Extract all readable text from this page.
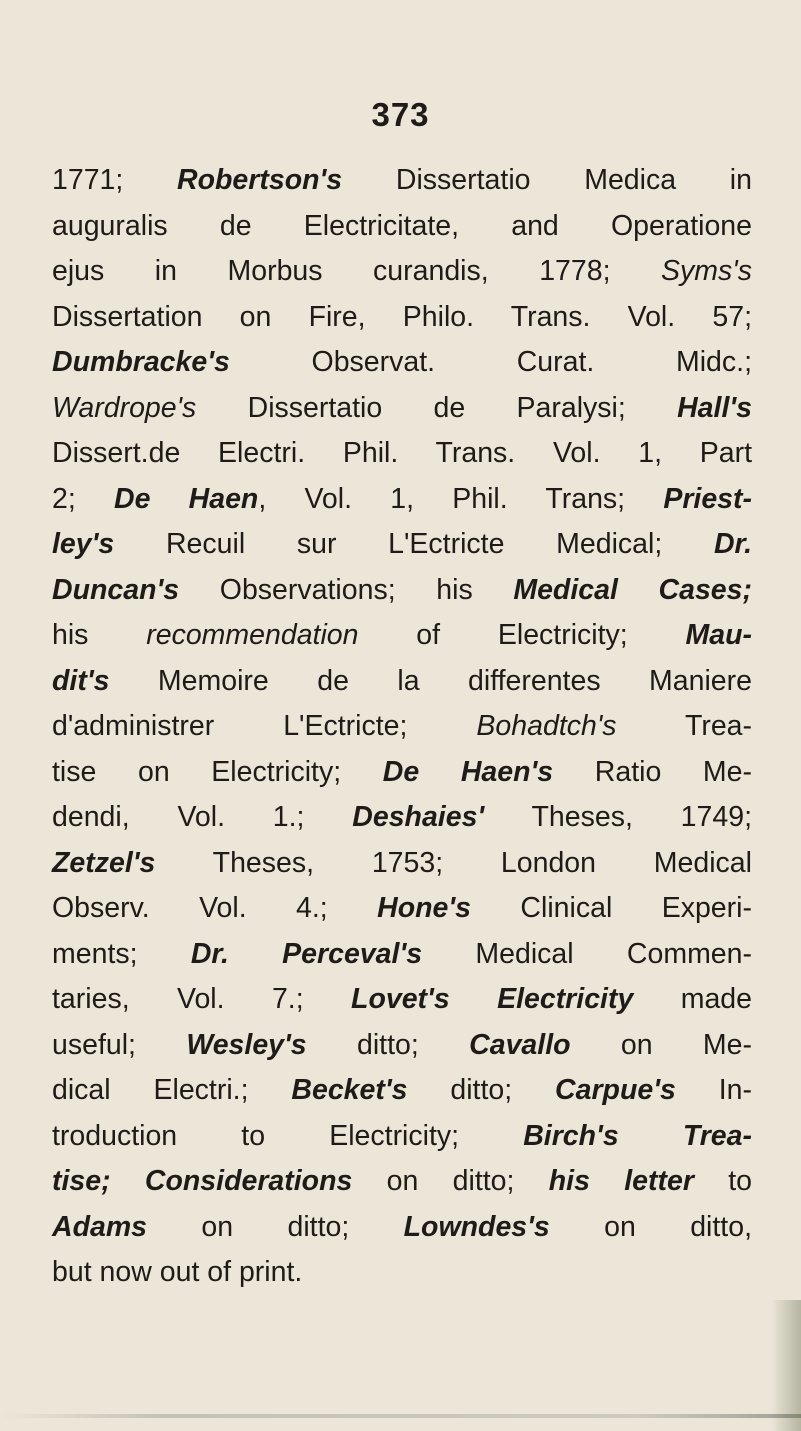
373
1771; Robertson's Dissertatio Medica in
auguralis de Electricitate, and Operatione
ejus in Morbus curandis, 1778; Syms's
Dissertation on Fire, Philo. Trans. Vol. 57;
Dumbracke's Observat. Curat. Midc.;
Wardrope's Dissertatio de Paralysi; Hall's
Dissert.de Electri. Phil. Trans. Vol. 1, Part
2; De Haen, Vol. 1, Phil. Trans; Priest-
ley's Recuil sur L'Ectricte Medical; Dr.
Duncan's Observations; his Medical Cases;
his recommendation of Electricity; Mau-
dit's Memoire de la differentes Maniere
d'administrer L'Ectricte; Bohadtch's Trea-
tise on Electricity; De Haen's Ratio Me-
dendi, Vol. 1.; Deshaies' Theses, 1749;
Zetzel's Theses, 1753; London Medical
Observ. Vol. 4.; Hone's Clinical Experi-
ments; Dr. Perceval's Medical Commen-
taries, Vol. 7.; Lovet's Electricity made
useful; Wesley's ditto; Cavallo on Me-
dical Electri.; Becket's ditto; Carpue's In-
troduction to Electricity; Birch's Trea-
tise; Considerations on ditto; his letter to
Adams on ditto; Lowndes's on ditto,
but now out of print.
